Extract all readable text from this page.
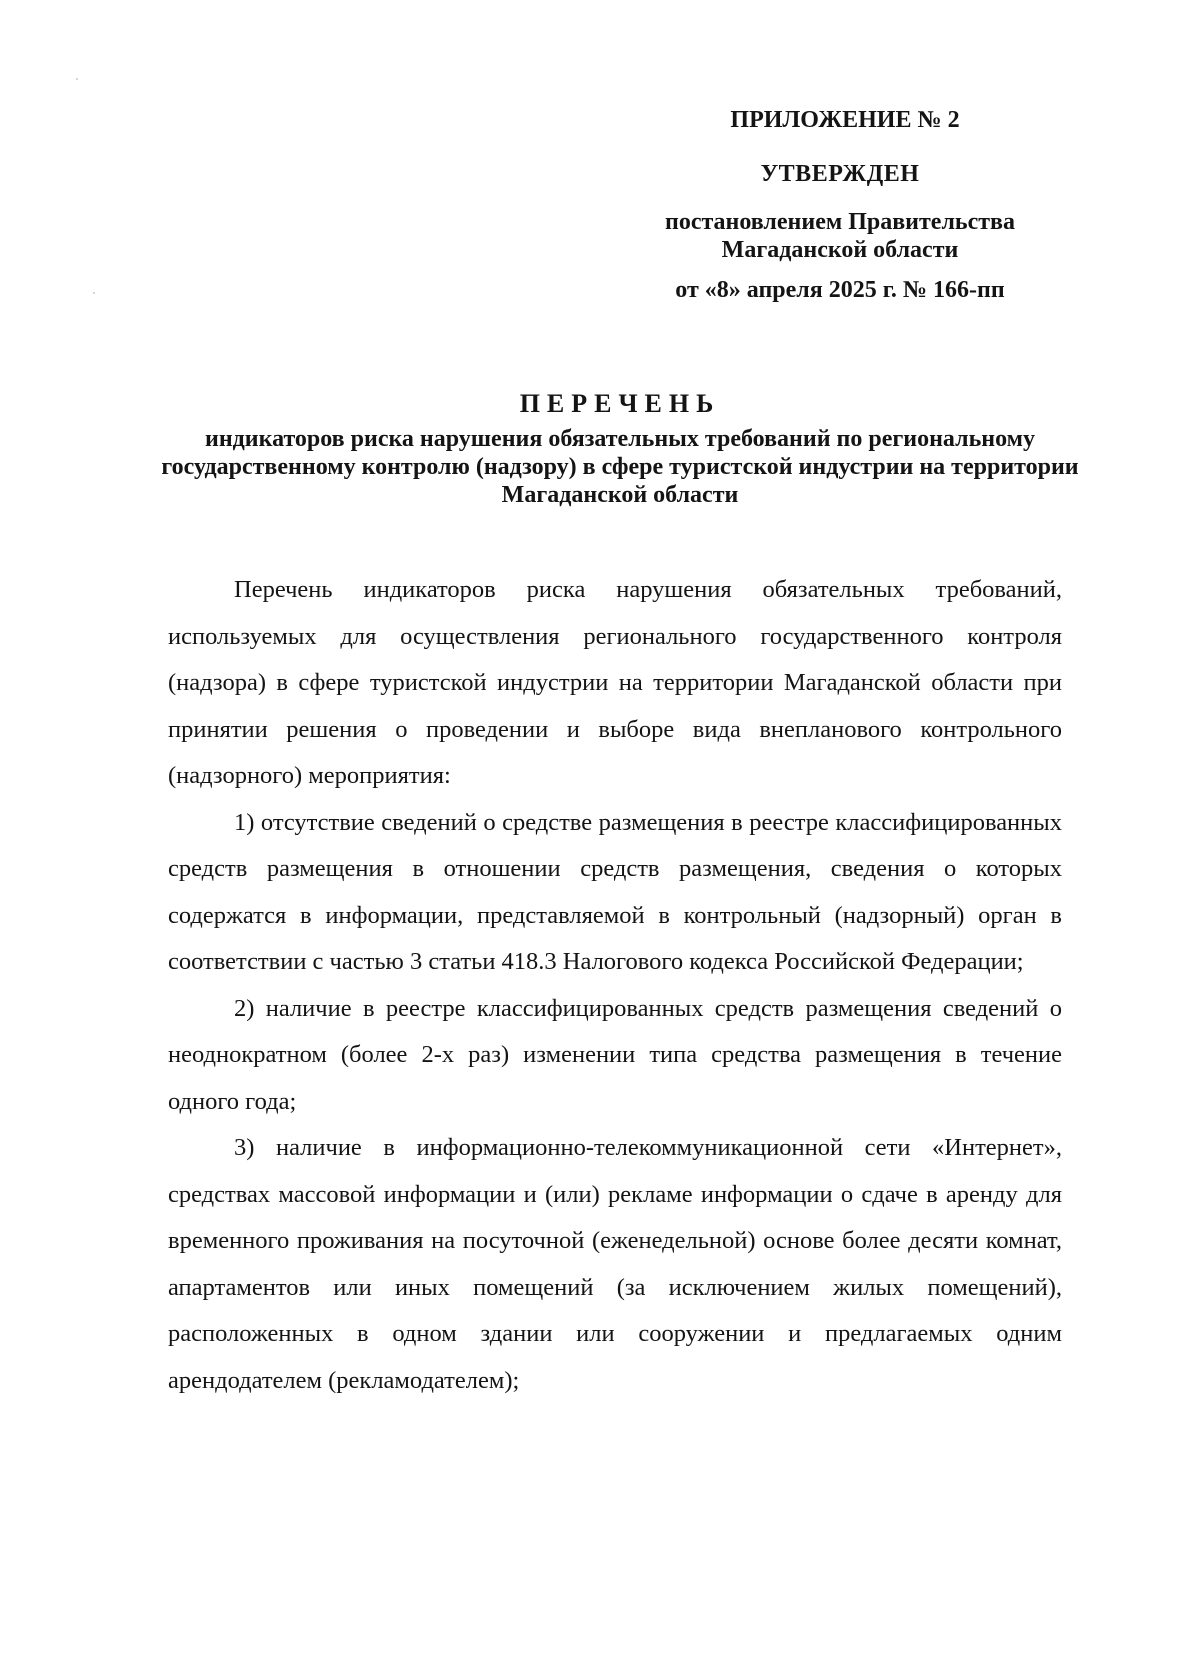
ПРИЛОЖЕНИЕ № 2
УТВЕРЖДЕН
постановлением Правительства Магаданской области
от «8» апреля 2025 г. № 166-пп
ПЕРЕЧЕНЬ
индикаторов риска нарушения обязательных требований по региональному государственному контролю (надзору) в сфере туристской индустрии на территории Магаданской области

Перечень индикаторов риска нарушения обязательных требований, используемых для осуществления регионального государственного контроля (надзора) в сфере туристской индустрии на территории Магаданской области при принятии решения о проведении и выборе вида внепланового контрольного (надзорного) мероприятия:

1) отсутствие сведений о средстве размещения в реестре классифицированных средств размещения в отношении средств размещения, сведения о которых содержатся в информации, представляемой в контрольный (надзорный) орган в соответствии с частью 3 статьи 418.3 Налогового кодекса Российской Федерации;

2) наличие в реестре классифицированных средств размещения сведений о неоднократном (более 2-х раз) изменении типа средства размещения в течение одного года;

3) наличие в информационно-телекоммуникационной сети «Интернет», средствах массовой информации и (или) рекламе информации о сдаче в аренду для временного проживания на посуточной (еженедельной) основе более десяти комнат, апартаментов или иных помещений (за исключением жилых помещений), расположенных в одном здании или сооружении и предлагаемых одним арендодателем (рекламодателем);
